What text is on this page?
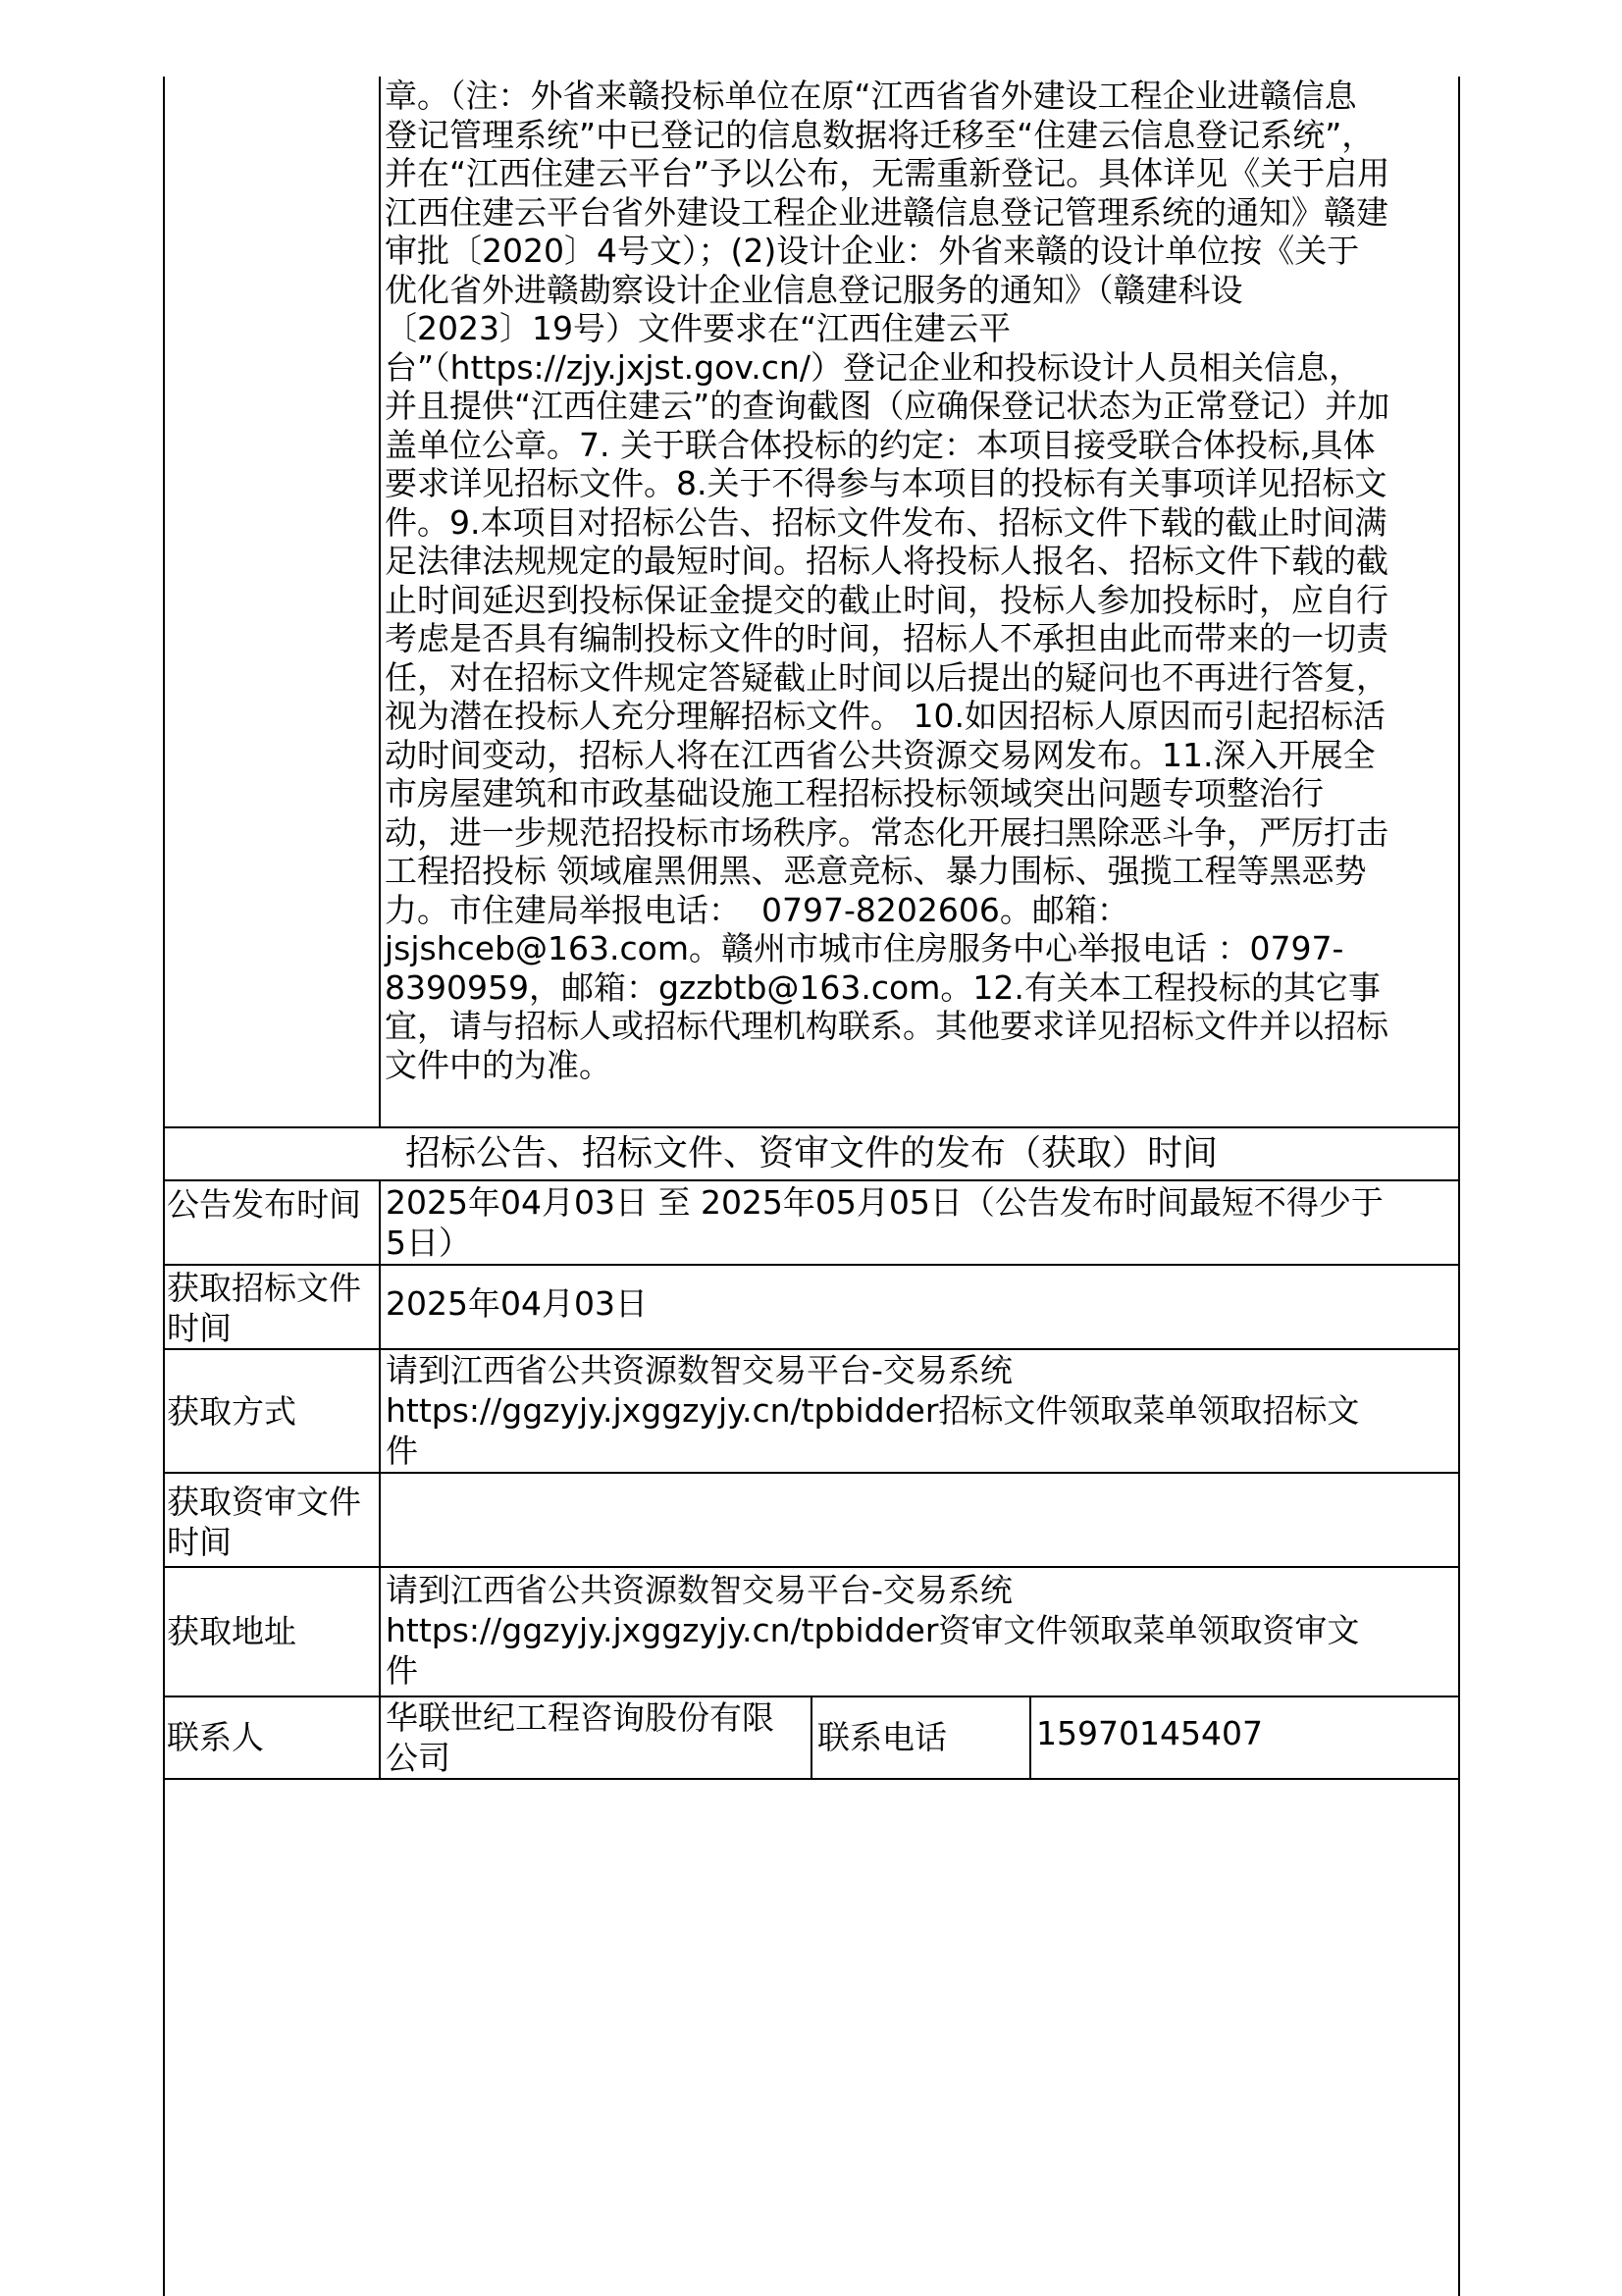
章。（注：外省来赣投标单位在原“江西省省外建设工程企业进赣信息

登记管理系统”中已登记的信息数据将迁移至“住建云信息登记系统”，

并在“江西住建云平台”予以公布，无需重新登记。具体详见《关于启用

江西住建云平台省外建设工程企业进赣信息登记管理系统的通知》赣建

审批〔2020〕4号文）；(2)设计企业：外省来赣的设计单位按《关于

优化省外进赣勘察设计企业信息登记服务的通知》（赣建科设

〔2023〕19号）文件要求在“江西住建云平

台”（https://zjy.jxjst.gov.cn/）登记企业和投标设计人员相关信息，

并且提供“江西住建云”的查询截图（应确保登记状态为正常登记）并加

盖单位公章。7. 关于联合体投标的约定：本项目接受联合体投标,具体

要求详见招标文件。8.关于不得参与本项目的投标有关事项详见招标文

件。9.本项目对招标公告、招标文件发布、招标文件下载的截止时间满

足法律法规规定的最短时间。招标人将投标人报名、招标文件下载的截

止时间延迟到投标保证金提交的截止时间，投标人参加投标时，应自行

考虑是否具有编制投标文件的时间，招标人不承担由此而带来的一切责

任，对在招标文件规定答疑截止时间以后提出的疑问也不再进行答复，

视为潜在投标人充分理解招标文件。 10.如因招标人原因而引起招标活

动时间变动，招标人将在江西省公共资源交易网发布。11.深入开展全

市房屋建筑和市政基础设施工程招标投标领域突出问题专项整治行

动，进一步规范招投标市场秩序。常态化开展扫黑除恶斗争，严厉打击

工程招投标 领域雇黑佣黑、恶意竞标、暴力围标、强揽工程等黑恶势

力。市住建局举报电话：  0797-8202606。邮箱：

jsjshceb@163.com。赣州市城市住房服务中心举报电话 ：0797-

8390959，邮箱：gzzbtb@163.com。12.有关本工程投标的其它事

宜，请与招标人或招标代理机构联系。其他要求详见招标文件并以招标

文件中的为准。

招标公告、招标文件、资审文件的发布（获取）时间
公告发布时间 2025年04月03日 至 2025年05月05日（公告发布时间最短不得少于
5日）
获取招标文件
时间
2025年04月03日
获取方式
请到江西省公共资源数智交易平台-交易系统
https://ggzyjy.jxggzyjy.cn/tpbidder招标文件领取菜单领取招标文
件
获取资审文件
时间
获取地址
请到江西省公共资源数智交易平台-交易系统
https://ggzyjy.jxggzyjy.cn/tpbidder资审文件领取菜单领取资审文
件
联系人
华联世纪工程咨询股份有限
公司
联系电话	15970145407
